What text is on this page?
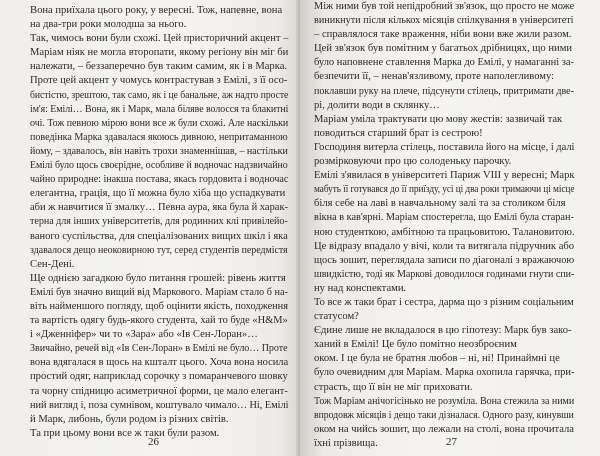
Вона приїхала цього року, у вересні. Тож, напевне, вона
на два-три роки молодша за нього.
Так, чимось вони були схожі. Цей присторичний акцент –
Маріам ніяк не могла второпати, якому регіону він міг би
належати, – беззаперечно був таким самим, як і в Марка.
Проте цей акцент у чомусь контрастував з Емілі, з її осо-
бистістю, зрештою, так само, як і це банальне, аж надто просте
ім'я: Емілі… Вона, як і Марк, мала біляве волосся та блакитні
очі. Тож певною мірою вони все ж були схожі. Але наскільки
поведінка Марка здавалася якоюсь дивною, непритаманною
йому, – здавалось, він навіть трохи знаменнішав, – настільки
Емілі було щось своєрідне, особливе й водночас надзвичайно
чайно природне: інакша постава, якась гордовита і водночас
елегантна, грація, що її можна було хіба що успадкувати
аби ж навчитися її змалку… Певна аура, яка була й харак-
терна для інших університетів, для родинних клі привілейо-
ваного суспільства, для спеціалізованих вищих шкіл і яка
здавалося дещо неоковирною тут, серед студентів передмістя
Сен-Дені.
Ще однією загадкою було питання грошей: рівень життя
Емілі був значно вищий від Маркового. Маріам стало б на-
віть найменшого погляду, щоб оцінити якість, походження
та вартість одягу будь-якого студента, хай то буде «H&M»
і «Дженніфер» чи то «Зара» або «Ів Сен-Лоран»…
Звичайно, речей від «Ів Сен-Лоран» в Емілі не було… Проте
вона вдягалася в щось на кшталт цього. Хоча вона носила
простий одяг, наприклад сорочку з помаранчевого шовку
та чорну спідницю асиметричної форми, це мало елегант-
ний вигляд і, поза сумнівом, коштувало чимало… Ні, Емілі
й Марк, либонь, були родом із різних світів.
Та при цьому вони все ж таки були разом.
26
Між ними був той непідробний зв'язок, що просто не може
виникнути після кількох місяців спілкування в університеті
– справлялося таке враження, ніби вони вже жили разом.
Цей зв'язок був помітним у багатьох дрібницях, що ними
було наповнене ставлення Марка до Емілі, у намаганні за-
безпечити її, – ненав'язливому, проте наполегливому:
поклавши руку на плече, підсунути стілець, притримати две-
рі, долити води в склянку…
Маріам уміла трактувати цю мову жестів: зазвичай так
поводиться старший брат із сестрою!
Господиня витерла стілець, поставила його на місце, і далі
розмірковуючи про цю солоденьку парочку.
Емілі з'явилася в університеті Париж VIII у вересні; Марк
мабуть її готувався до її приїзду, усі ці два роки тримаючи ці місце
біля себе на лаві в навчальному залі та за столиком біля
вікна в кав'ярні. Маріам спостерегла, що Емілі була старан-
ною студенткою, амбітною та працьовитою. Талановитою.
Це відразу впадало у вічі, коли та витягала підручник або
щось зошит, переглядала записи по діагоналі з вражаючою
швидкістю, тоді як Маркові доводилося годинами гнути спи-
ну над конспектами.
То все ж таки брат і сестра, дарма що з різним соціальним
статусом?
Єдине лише не вкладалося в цю гіпотезу: Марк був зако-
ханий в Емілі! Це було помітно неозброєним
оком. І це була не братня любов – ні, ні! Принаймні це
було очевидним для Маріам. Марка охопила гарячка, при-
страсть, що її він не міг приховати.
Тож Маріам анічогісінько не розуміла. Вона стежила за ними
впродовж місяців і дещо таки дізналася. Одного разу, кинувши
оком на чийсь зошит, що лежали на столі, вона прочитала
їхні прізвища.	27
